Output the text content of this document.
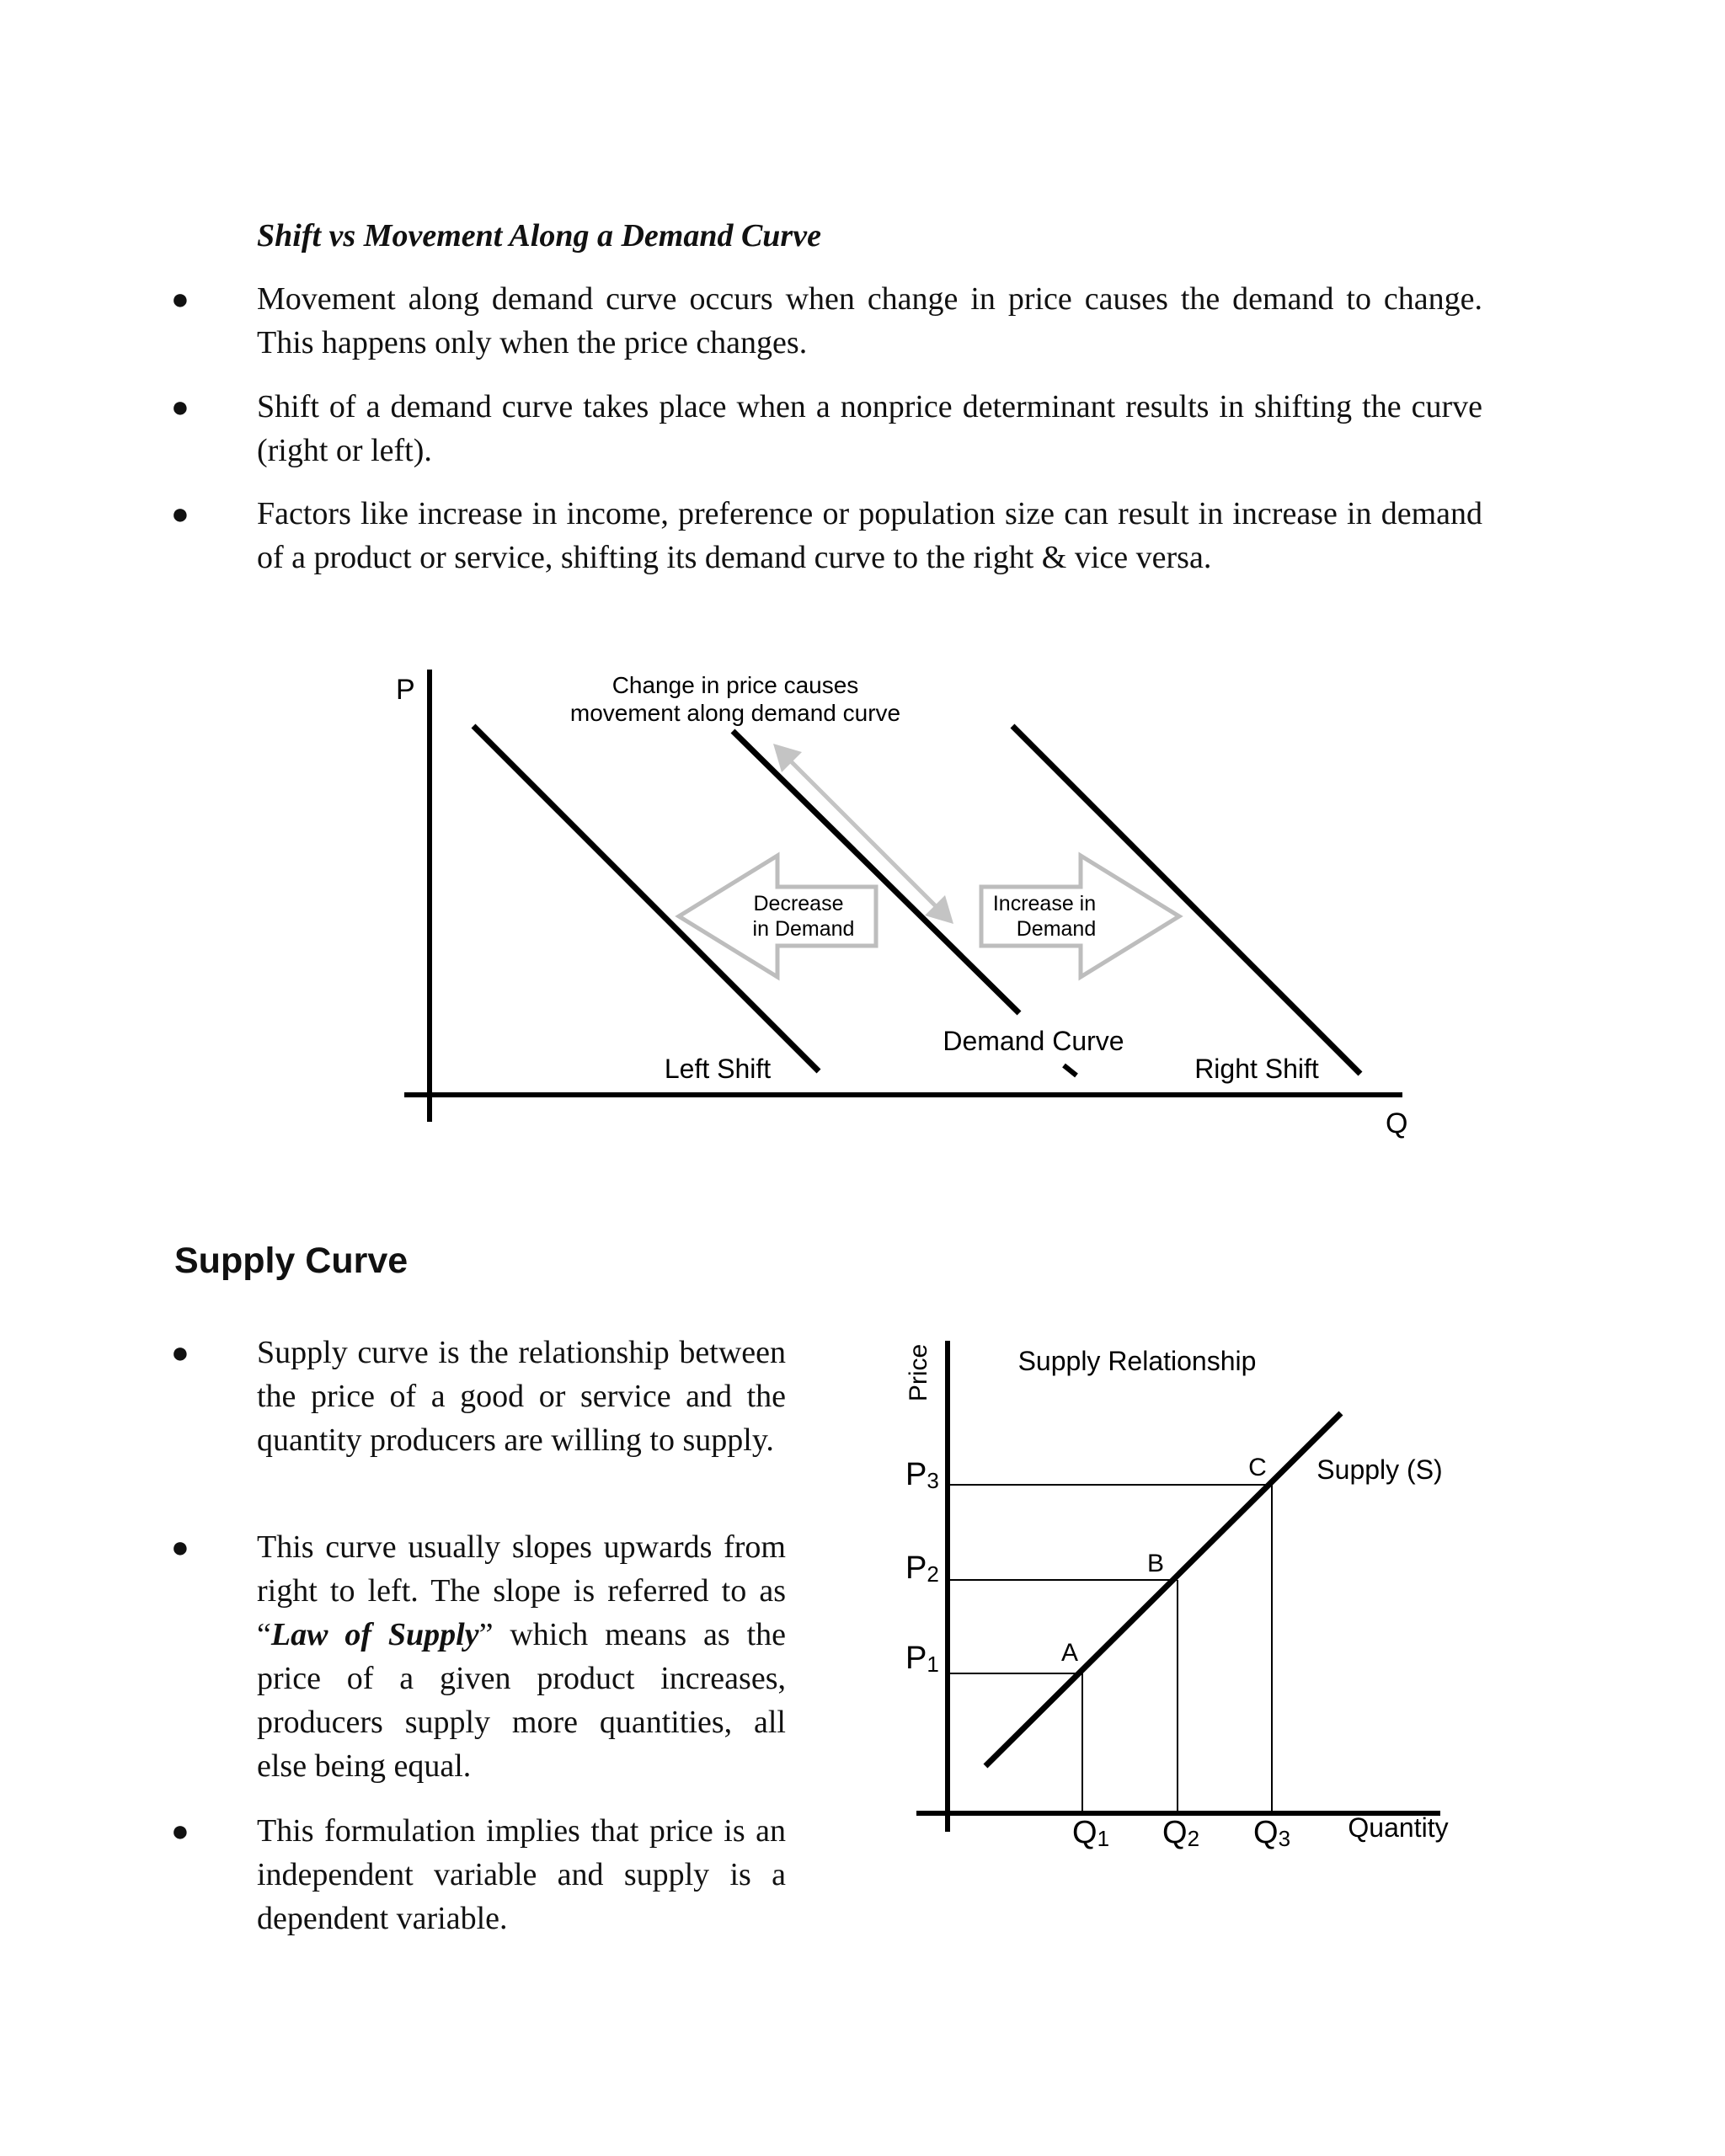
Shift vs Movement Along a Demand Curve
● Movement along demand curve occurs when change in price causes the demand to change. This happens only when the price changes.
● Shift of a demand curve takes place when a nonprice determinant results in shifting the curve (right or left).
● Factors like increase in income, preference or population size can result in increase in demand of a product or service, shifting its demand curve to the right & vice versa.
P
Q
Change in price causes
movement along demand curve
Decrease
in Demand
Increase in
Demand
Left Shift
Demand Curve
Right Shift
Supply Curve
● Supply curve is the relationship between the price of a good or service and the quantity producers are willing to supply.
● This curve usually slopes upwards from right to left. The slope is referred to as “Law of Supply” which means as the price of a given product increases, producers supply more quantities, all else being equal.
● This formulation implies that price is an independent variable and supply is a dependent variable.
Supply Relationship
Price
Quantity
Supply (S)
A
B
C
P3
P2
P1
Q1 Q2 Q3
